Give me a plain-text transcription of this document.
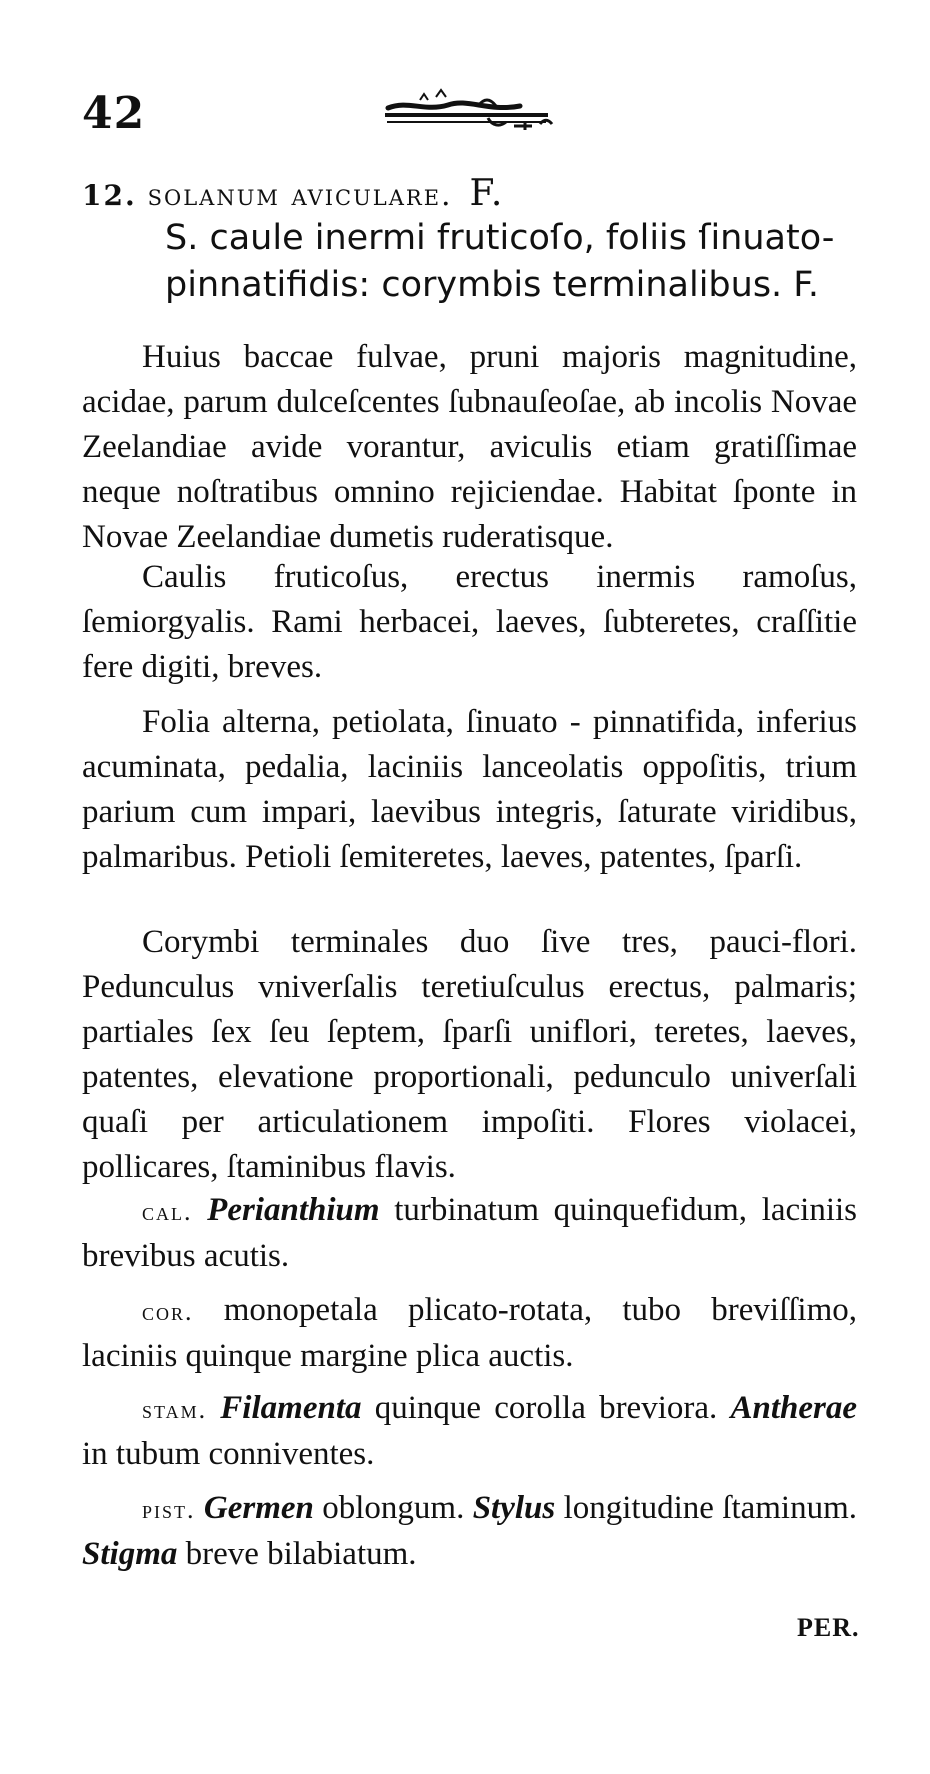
42
12. solanum aviculare. F.
S. caule inermi fruticoſo, foliis ſinuato-pinnatifidis: corymbis terminalibus. F.

Huius baccae fulvae, pruni majoris magnitudine, acidae, parum dulceſcentes ſubnauſeoſae, ab incolis Novae Zeelandiae avide vorantur, aviculis etiam gratiſſimae neque noſtratibus omnino rejiciendae. Habitat ſponte in Novae Zeelandiae dumetis ruderatisque.

Caulis fruticoſus, erectus inermis ramoſus, ſemiorgyalis. Rami herbacei, laeves, ſubteretes, craſſitie fere digiti, breves.

Folia alterna, petiolata, ſinuato - pinnatifida, inferius acuminata, pedalia, laciniis lanceolatis oppoſitis, trium parium cum impari, laevibus integris, ſaturate viridibus, palmaribus. Petioli ſemiteretes, laeves, patentes, ſparſi.

Corymbi terminales duo ſive tres, pauci-flori. Pedunculus vniverſalis teretiuſculus erectus, palmaris; partiales ſex ſeu ſeptem, ſparſi uniflori, teretes, laeves, patentes, elevatione proportionali, pedunculo univerſali quaſi per articulationem impoſiti. Flores violacei, pollicares, ſtaminibus flavis.

cal. Perianthium turbinatum quinquefidum, laciniis brevibus acutis.

cor. monopetala plicato-rotata, tubo breviſſimo, laciniis quinque margine plica auctis.

stam. Filamenta quinque corolla breviora. Antherae in tubum conniventes.

pist. Germen oblongum. Stylus longitudine ſtaminum. Stigma breve bilabiatum.

PER.
